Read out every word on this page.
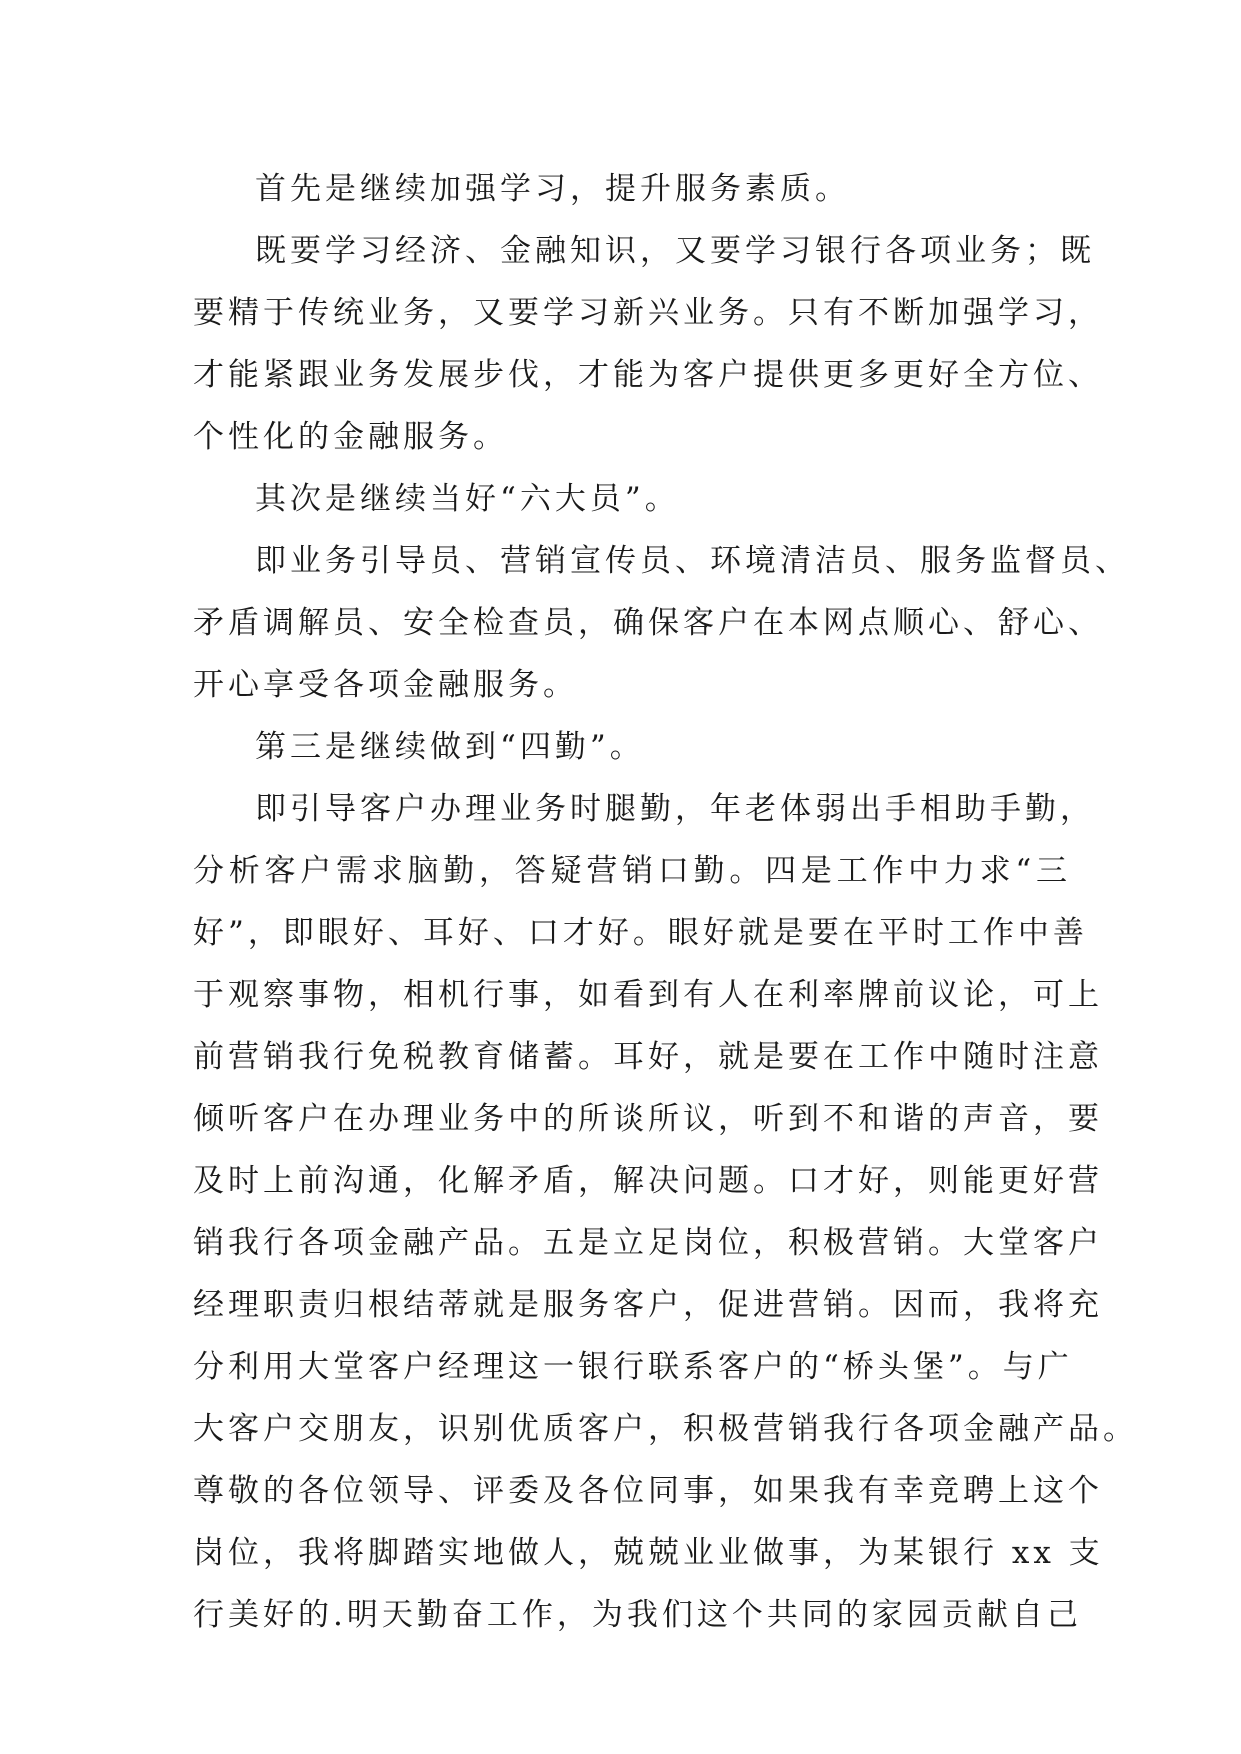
首先是继续加强学习，提升服务素质。
既要学习经济、金融知识，又要学习银行各项业务；既
要精于传统业务，又要学习新兴业务。只有不断加强学习，
才能紧跟业务发展步伐，才能为客户提供更多更好全方位、
个性化的金融服务。
其次是继续当好“六大员”。
即业务引导员、营销宣传员、环境清洁员、服务监督员、
矛盾调解员、安全检查员，确保客户在本网点顺心、舒心、
开心享受各项金融服务。
第三是继续做到“四勤”。
即引导客户办理业务时腿勤，年老体弱出手相助手勤，
分析客户需求脑勤，答疑营销口勤。四是工作中力求“三
好”，即眼好、耳好、口才好。眼好就是要在平时工作中善
于观察事物，相机行事，如看到有人在利率牌前议论，可上
前营销我行免税教育储蓄。耳好，就是要在工作中随时注意
倾听客户在办理业务中的所谈所议，听到不和谐的声音，要
及时上前沟通，化解矛盾，解决问题。口才好，则能更好营
销我行各项金融产品。五是立足岗位，积极营销。大堂客户
经理职责归根结蒂就是服务客户，促进营销。因而，我将充
分利用大堂客户经理这一银行联系客户的“桥头堡”。与广
大客户交朋友，识别优质客户，积极营销我行各项金融产品。
尊敬的各位领导、评委及各位同事，如果我有幸竞聘上这个
岗位，我将脚踏实地做人，兢兢业业做事，为某银行 xx 支
行美好的.明天勤奋工作，为我们这个共同的家园贡献自己
